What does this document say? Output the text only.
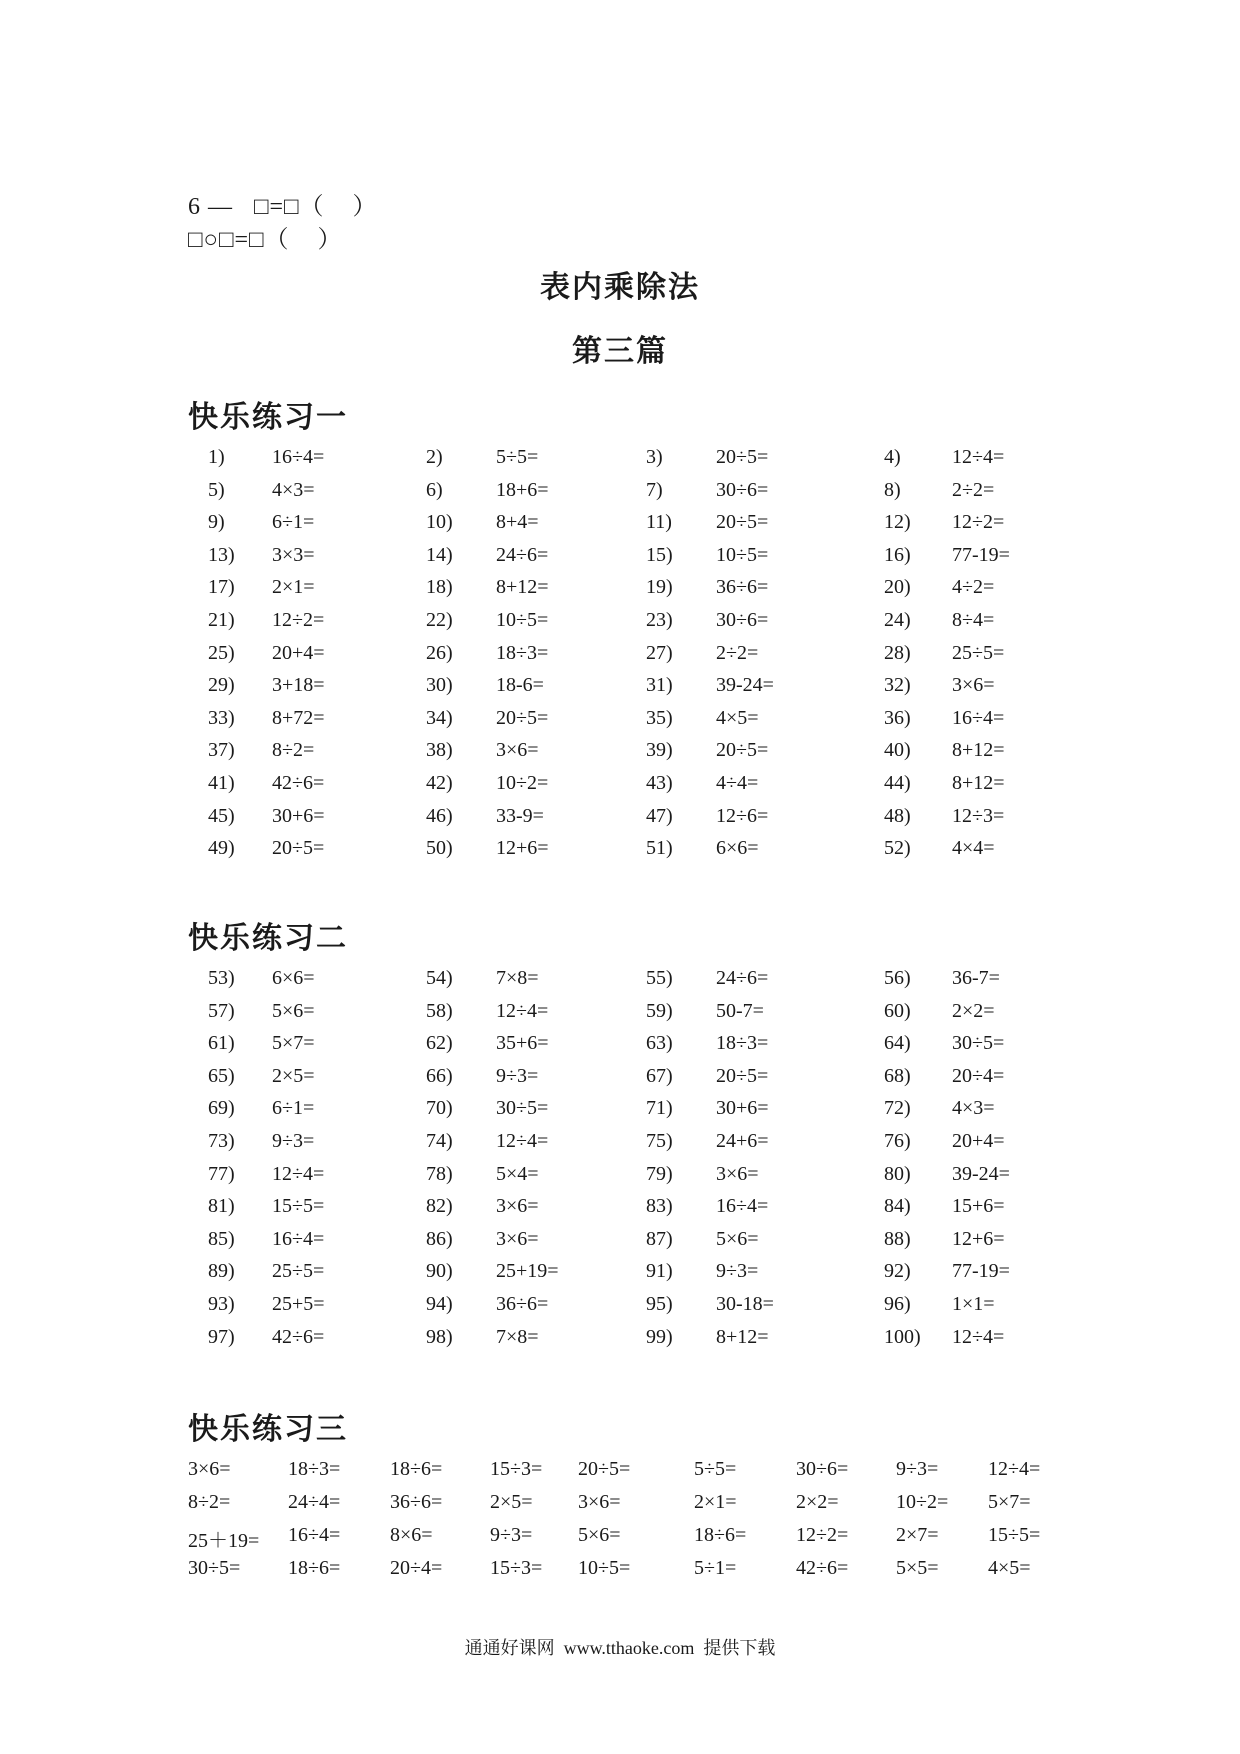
6 —   □=□（    ）
□○□=□（    ）
表内乘除法
第三篇
快乐练习一
1) 16÷4=	2)	5÷5=	3)	20÷5=	4)	12÷4=
5) 4×3=	6)	18+6=	7)	30÷6=	8)	2÷2=
9) 6÷1=	10) 8+4=	11) 20÷5=	12) 12÷2=
13) 3×3=	14) 24÷6=	15) 10÷5=	16) 77-19=
17) 2×1=	18) 8+12=	19) 36÷6=	20) 4÷2=
21) 12÷2=	22) 10÷5=	23) 30÷6=	24) 8÷4=
25) 20+4=	26) 18÷3=	27) 2÷2=	28) 25÷5=
29) 3+18=	30) 18-6=	31) 39-24=	32) 3×6=
33) 8+72=	34) 20÷5=	35) 4×5=	36) 16÷4=
37) 8÷2=	38) 3×6=	39) 20÷5=	40) 8+12=
41) 42÷6=	42) 10÷2=	43) 4÷4=	44) 8+12=
45) 30+6=	46) 33-9=	47) 12÷6=	48) 12÷3=
49) 20÷5=	50) 12+6=	51) 6×6=	52) 4×4=
快乐练习二
53) 6×6=	54) 7×8=	55) 24÷6=	56) 36-7=
57) 5×6=	58) 12÷4=	59) 50-7=	60) 2×2=
61) 5×7=	62) 35+6=	63) 18÷3=	64) 30÷5=
65) 2×5=	66) 9÷3=	67) 20÷5=	68) 20÷4=
69) 6÷1=	70) 30÷5=	71) 30+6=	72) 4×3=
73) 9÷3=	74) 12÷4=	75) 24+6=	76) 20+4=
77) 12÷4=	78) 5×4=	79) 3×6=	80) 39-24=
81) 15÷5=	82) 3×6=	83) 16÷4=	84) 15+6=
85) 16÷4=	86) 3×6=	87) 5×6=	88) 12+6=
89) 25÷5=	90) 25+19=	91) 9÷3=	92) 77-19=
93) 25+5=	94) 36÷6=	95) 30-18=	96) 1×1=
97) 42÷6=	98) 7×8=	99) 8+12=	100) 12÷4=
快乐练习三
3×6=	18÷3= 18÷6= 15÷3= 20÷5=	5÷5=	30÷6= 9÷3= 12÷4=
8÷2=	24÷4= 36÷6= 2×5= 3×6=	2×1=	2×2=	10÷2= 5×7=
25＋19= 16÷4= 8×6=	9÷3= 5×6=	18÷6= 12÷2= 2×7= 15÷5=
30÷5= 18÷6= 20÷4= 15÷3= 10÷5=	5÷1=	42÷6= 5×5= 4×5=
通通好课网  www.tthaoke.com  提供下载
